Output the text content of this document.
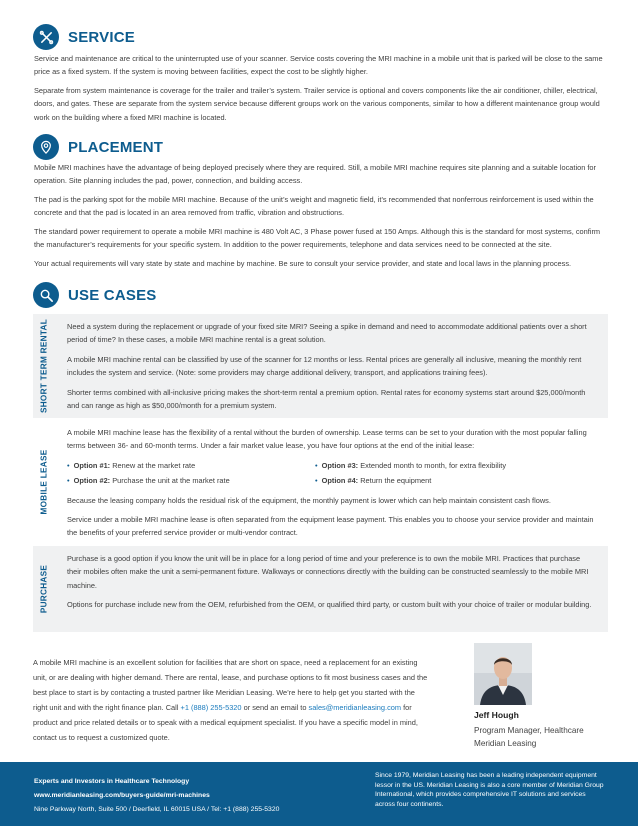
SERVICE

Service and maintenance are critical to the uninterrupted use of your scanner. Service costs covering the MRI machine in a mobile unit that is parked will be close to the same price as a fixed system. If the system is moving between facilities, expect the cost to be slightly higher.

Separate from system maintenance is coverage for the trailer and trailer’s system. Trailer service is optional and covers components like the air conditioner, chiller, electrical, doors, and gates. These are separate from the system service because different groups work on the various components, similar to how a different maintenance group would work on the building where a fixed MRI machine is located.

PLACEMENT

Mobile MRI machines have the advantage of being deployed precisely where they are required. Still, a mobile MRI machine requires site planning and a suitable location for operation. Site planning includes the pad, power, connection, and building access.

The pad is the parking spot for the mobile MRI machine. Because of the unit’s weight and magnetic field, it’s recommended that nonferrous reinforcement is used within the concrete and that the pad is located in an area removed from traffic, vibration and obstructions.

The standard power requirement to operate a mobile MRI machine is 480 Volt AC, 3 Phase power fused at 150 Amps. Although this is the standard for most systems, confirm the manufacturer’s requirements for your specific system. In addition to the power requirements, telephone and data services need to be connected at the site.

Your actual requirements will vary state by state and machine by machine. Be sure to consult your service provider, and state and local laws in the planning process.

USE CASES
SHORT TERM RENTAL	Need a system during the replacement or upgrade of your fixed site MRI? Seeing a spike in demand and need to accommodate additional patients over a short period of time? In these cases, a mobile MRI machine rental is a great solution.

A mobile MRI machine rental can be classified by use of the scanner for 12 months or less. Rental prices are generally all inclusive, meaning the monthly rent includes the system and service. (Note: some providers may charge additional delivery, transport, and applications training fees).

Shorter terms combined with all-inclusive pricing makes the short-term rental a premium option. Rental rates for economy systems start around $25,000/month and can range as high as $50,000/month for a premium system.

MOBILE LEASE

A mobile MRI machine lease has the flexibility of a rental without the burden of ownership. Lease terms can be set to your duration with the most popular falling terms between 36- and 60-month terms. Under a fair market value lease, you have four options at the end of the initial lease:

• Option #1: Renew at the market rate	• Option #3: Extended month to month, for extra flexibility
• Option #2: Purchase the unit at the market rate	• Option #4: Return the equipment

Because the leasing company holds the residual risk of the equipment, the monthly payment is lower which can help maintain consistent cash flows.

Service under a mobile MRI machine lease is often separated from the equipment lease payment. This enables you to choose your service provider and maintain the benefits of your preferred service provider or multi-vendor contract.

PURCHASE

Purchase is a good option if you know the unit will be in place for a long period of time and your preference is to own the mobile MRI. Practices that purchase their mobiles often make the unit a semi-permanent fixture. Walkways or connections directly with the building can be constructed seamlessly to the mobile MRI machine.

Options for purchase include new from the OEM, refurbished from the OEM, or qualified third party, or custom built with your choice of trailer or modular building.

A mobile MRI machine is an excellent solution for facilities that are short on space, need a replacement for an existing unit, or are dealing with higher demand. There are rental, lease, and purchase options to fit most business cases and the best place to start is by contacting a trusted partner like Meridian Leasing. We’re here to help get you started with the right unit and with the right finance plan. Call +1 (888) 255-5320 or send an email to sales@meridianleasing.com for product and price related details or to speak with a medical equipment specialist. If you have a specific model in mind, contact us to request a customized quote.

Jeff Hough
Program Manager, Healthcare
Meridian Leasing
Experts and Investors in Healthcare Technology
www.meridianleasing.com/buyers-guide/mri-machines
Nine Parkway North, Suite 500 / Deerfield, IL 60015 USA / Tel: +1 (888) 255-5320

Since 1979, Meridian Leasing has been a leading independent equipment lessor in the US. Meridian Leasing is also a core member of Meridian Group International, which provides comprehensive IT solutions and services across four continents.
